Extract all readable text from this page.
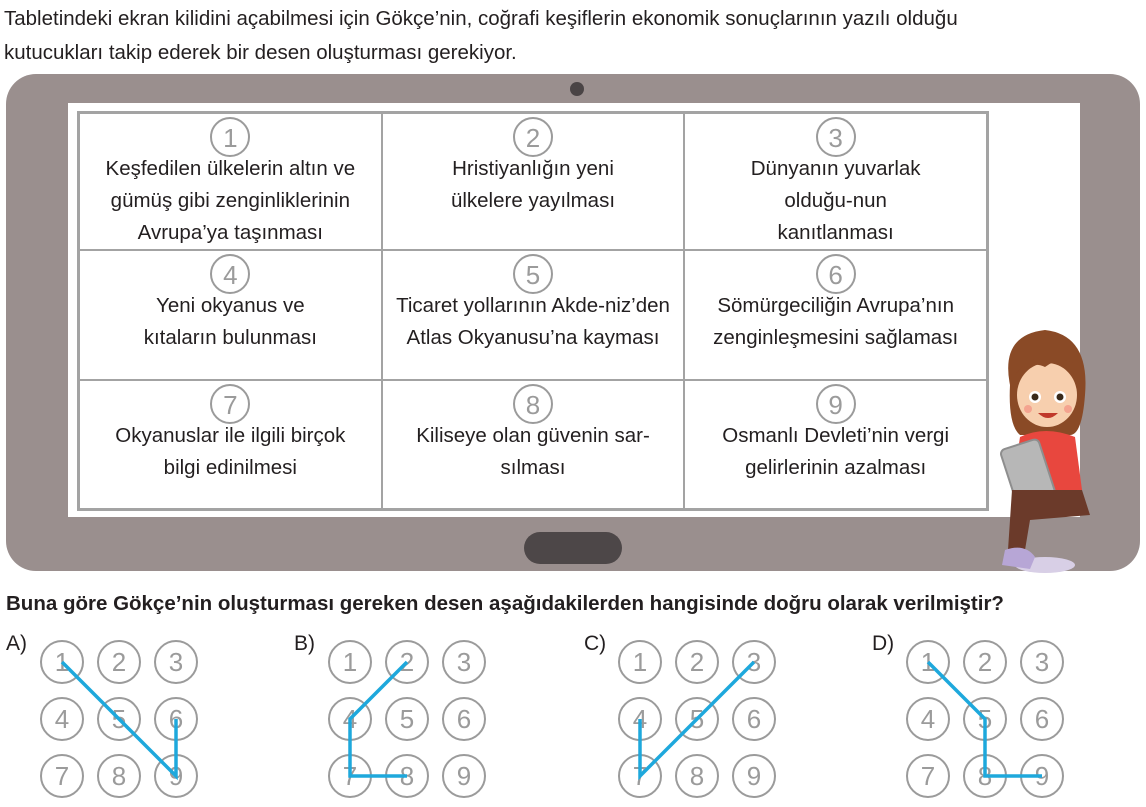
Tabletindeki ekran kilidini açabilmesi için Gökçe’nin, coğrafi keşiflerin ekonomik sonuçlarının yazılı olduğu
kutucukları takip ederek bir desen oluşturması gerekiyor.

1
Keşfedilen ülkelerin altın ve gümüş gibi zenginliklerinin Avrupa’ya taşınması
2
Hristiyanlığın yeni ülkelere yayılması
3
Dünyanın yuvarlak olduğu-nun kanıtlanması
4
Yeni okyanus ve kıtaların bulunması
5
Ticaret yollarının Akde-niz’den Atlas Okyanusu’na kayması
6
Sömürgeciliğin Avrupa’nın zenginleşmesini sağlaması
7
Okyanuslar ile ilgili birçok bilgi edinilmesi
8
Kiliseye olan güvenin sar-sılması
9
Osmanlı Devleti’nin vergi gelirlerinin azalması

Buna göre Gökçe’nin oluşturması gereken desen aşağıdakilerden hangisinde doğru olarak verilmiştir?

A)
1 2 3
4 5 6
7 8 9
B)
1 2 3
4 5 6
7 8 9
C)
1 2 3
4 5 6
7 8 9
D)
1 2 3
4 5 6
7 8 9
